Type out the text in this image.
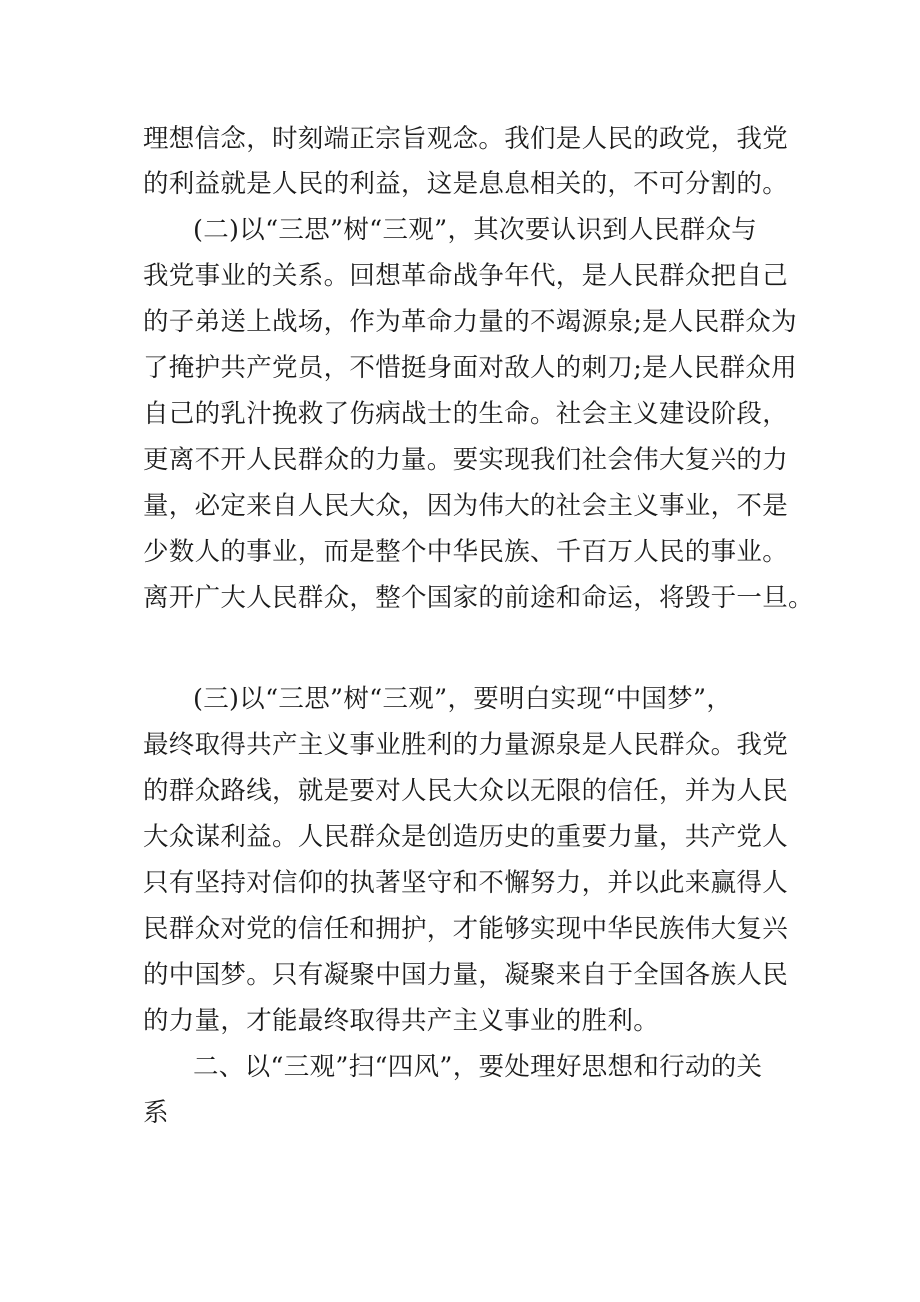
理想信念，时刻端正宗旨观念。我们是人民的政党，我党
的利益就是人民的利益，这是息息相关的，不可分割的。
(二)以“三思”树“三观”，其次要认识到人民群众与
我党事业的关系。回想革命战争年代，是人民群众把自己
的子弟送上战场，作为革命力量的不竭源泉;是人民群众为
了掩护共产党员，不惜挺身面对敌人的刺刀;是人民群众用
自己的乳汁挽救了伤病战士的生命。社会主义建设阶段，
更离不开人民群众的力量。要实现我们社会伟大复兴的力
量，必定来自人民大众，因为伟大的社会主义事业，不是
少数人的事业，而是整个中华民族、千百万人民的事业。
离开广大人民群众，整个国家的前途和命运，将毁于一旦。
(三)以“三思”树“三观”，要明白实现“中国梦”，
最终取得共产主义事业胜利的力量源泉是人民群众。我党
的群众路线，就是要对人民大众以无限的信任，并为人民
大众谋利益。人民群众是创造历史的重要力量，共产党人
只有坚持对信仰的执著坚守和不懈努力，并以此来赢得人
民群众对党的信任和拥护，才能够实现中华民族伟大复兴
的中国梦。只有凝聚中国力量，凝聚来自于全国各族人民
的力量，才能最终取得共产主义事业的胜利。
二、以“三观”扫“四风”，要处理好思想和行动的关
系
